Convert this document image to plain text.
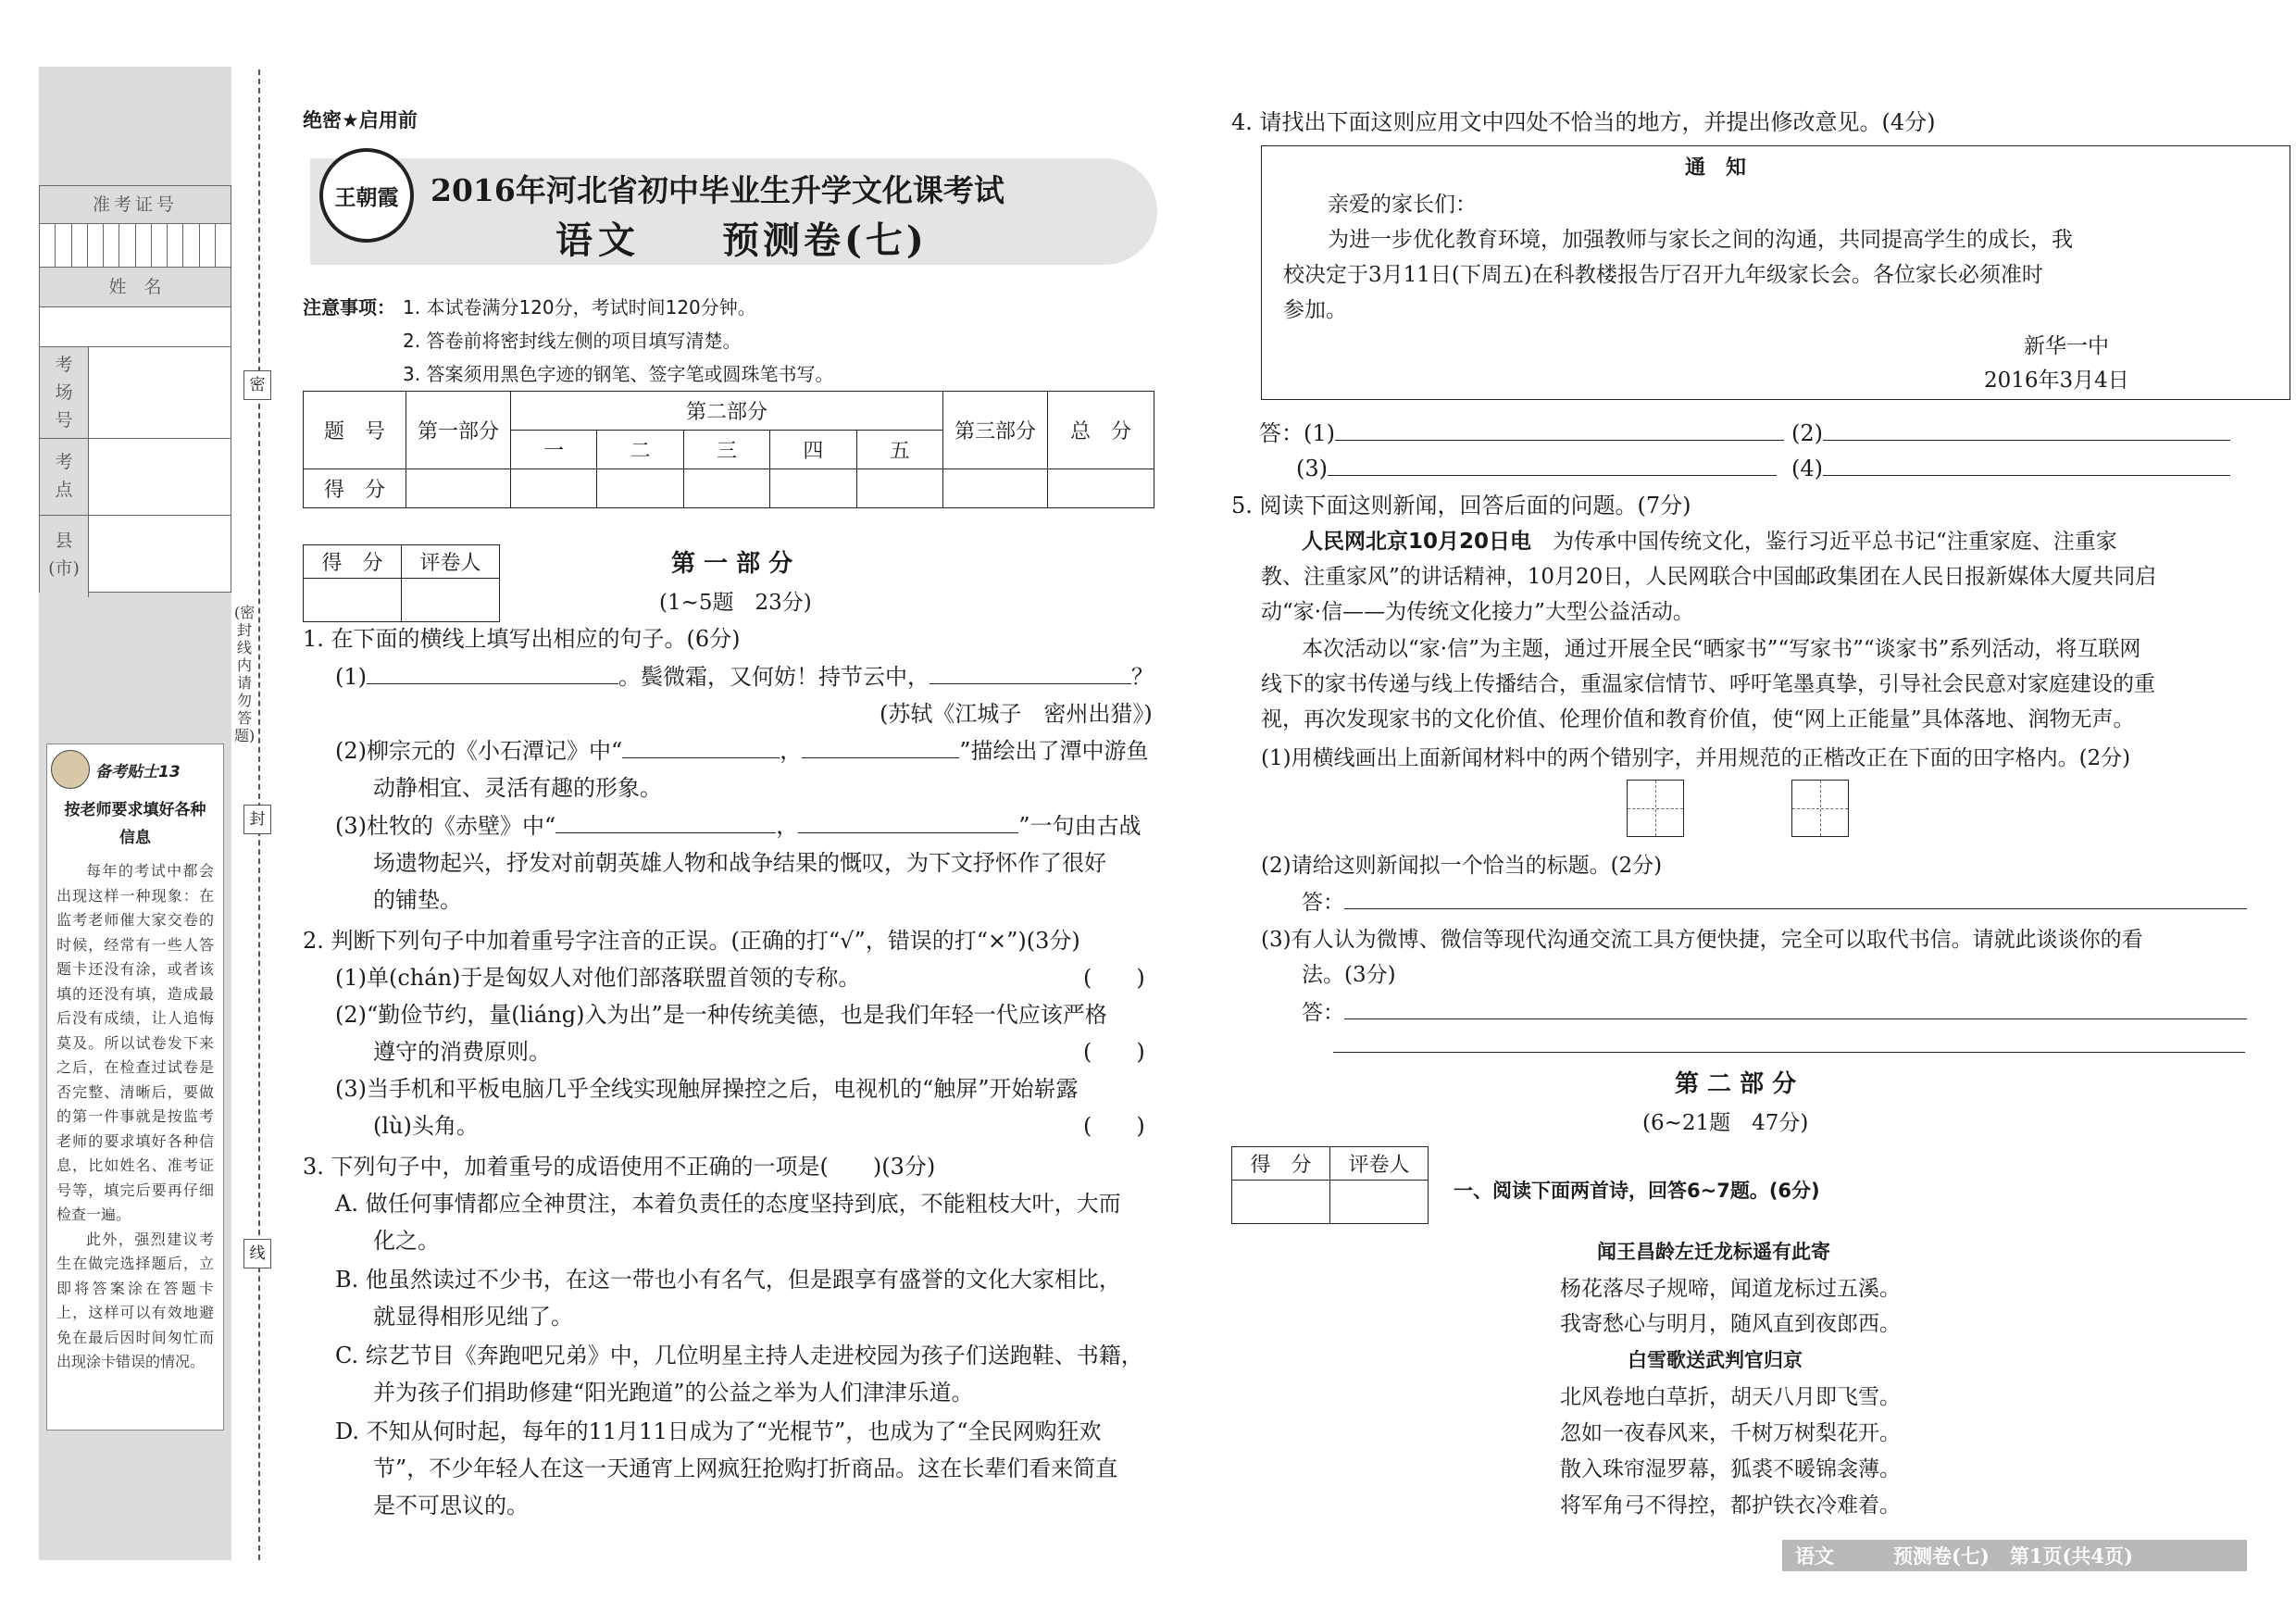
准考证号
姓　名
考
场
号
考
点
县
(市)
备考贴士13
按老师要求填好各种信息
每年的考试中都会出现这样一种现象：在监考老师催大家交卷的时候，经常有一些人答题卡还没有涂，或者该填的还没有填，造成最后没有成绩，让人追悔莫及。所以试卷发下来之后，在检查过试卷是否完整、清晰后，要做的第一件事就是按监考老师的要求填好各种信息，比如姓名、准考证号等，填完后要再仔细检查一遍。
此外，强烈建议考生在做完选择题后，立即将答案涂在答题卡上，这样可以有效地避免在最后因时间匆忙而出现涂卡错误的情况。
密
(密封线内请勿答题)
封
线
绝密★启用前
王朝霞 2016年河北省初中毕业生升学文化课考试
语文 预测卷(七)
注意事项： 1. 本试卷满分120分，考试时间120分钟。
2. 答卷前将密封线左侧的项目填写清楚。
3. 答案须用黑色字迹的钢笔、签字笔或圆珠笔书写。
题　号	第一部分	第二部分					第三部分	总　分
		一	二	三	四	五		
得　分								
得　分	评卷人
		第 一 部 分
(1~5题　23分)
1. 在下面的横线上填写出相应的句子。(6分)
(1)	。鬓微霜，又何妨！持节云中，	？
(苏轼《江城子　密州出猎》)
(2)柳宗元的《小石潭记》中“	，	”描绘出了潭中游鱼
动静相宜、灵活有趣的形象。
(3)杜牧的《赤壁》中“	，	”一句由古战
场遗物起兴，抒发对前朝英雄人物和战争结果的慨叹，为下文抒怀作了很好
的铺垫。
2. 判断下列句子中加着重号字注音的正误。(正确的打“√”，错误的打“×”)(3分)
(1)单(chán)于是匈奴人对他们部落联盟首领的专称。	(　　)
(2)“勤俭节约，量(liáng)入为出”是一种传统美德，也是我们年轻一代应该严格
遵守的消费原则。	(　　)
(3)当手机和平板电脑几乎全线实现触屏操控之后，电视机的“触屏”开始崭露
(lù)头角。	(　　)
3. 下列句子中，加着重号的成语使用不正确的一项是(　　)(3分)
A. 做任何事情都应全神贯注，本着负责任的态度坚持到底，不能粗枝大叶，大而
化之。
B. 他虽然读过不少书，在这一带也小有名气，但是跟享有盛誉的文化大家相比，
就显得相形见绌了。
C. 综艺节目《奔跑吧兄弟》中，几位明星主持人走进校园为孩子们送跑鞋、书籍，
并为孩子们捐助修建“阳光跑道”的公益之举为人们津津乐道。
D. 不知从何时起，每年的11月11日成为了“光棍节”，也成为了“全民网购狂欢
节”，不少年轻人在这一天通宵上网疯狂抢购打折商品。这在长辈们看来简直
是不可思议的。
4. 请找出下面这则应用文中四处不恰当的地方，并提出修改意见。(4分)
通　知
亲爱的家长们：
为进一步优化教育环境，加强教师与家长之间的沟通，共同提高学生的成长，我
校决定于3月11日(下周五)在科教楼报告厅召开九年级家长会。各位家长必须准时
参加。
新华一中
2016年3月4日
答：(1)	(2)
(3)	(4)
5. 阅读下面这则新闻，回答后面的问题。(7分)
人民网北京10月20日电　为传承中国传统文化，鉴行习近平总书记“注重家庭、注重家
教、注重家风”的讲话精神，10月20日，人民网联合中国邮政集团在人民日报新媒体大厦共同启
动“家·信——为传统文化接力”大型公益活动。
本次活动以“家·信”为主题，通过开展全民“晒家书”“写家书”“谈家书”系列活动，将互联网
线下的家书传递与线上传播结合，重温家信情节、呼吁笔墨真挚，引导社会民意对家庭建设的重
视，再次发现家书的文化价值、伦理价值和教育价值，使“网上正能量”具体落地、润物无声。
(1)用横线画出上面新闻材料中的两个错别字，并用规范的正楷改正在下面的田字格内。(2分)
(2)请给这则新闻拟一个恰当的标题。(2分)
答：
(3)有人认为微博、微信等现代沟通交流工具方便快捷，完全可以取代书信。请就此谈谈你的看
法。(3分)
答：
第 二 部 分
(6~21题　47分)
得　分	评卷人

一、阅读下面两首诗，回答6~7题。(6分)
闻王昌龄左迁龙标遥有此寄
杨花落尽子规啼，闻道龙标过五溪。
我寄愁心与明月，随风直到夜郎西。
白雪歌送武判官归京
北风卷地白草折，胡天八月即飞雪。
忽如一夜春风来，千树万树梨花开。
散入珠帘湿罗幕，狐裘不暖锦衾薄。
将军角弓不得控，都护铁衣冷难着。
语文	预测卷(七) 第1页(共4页)
